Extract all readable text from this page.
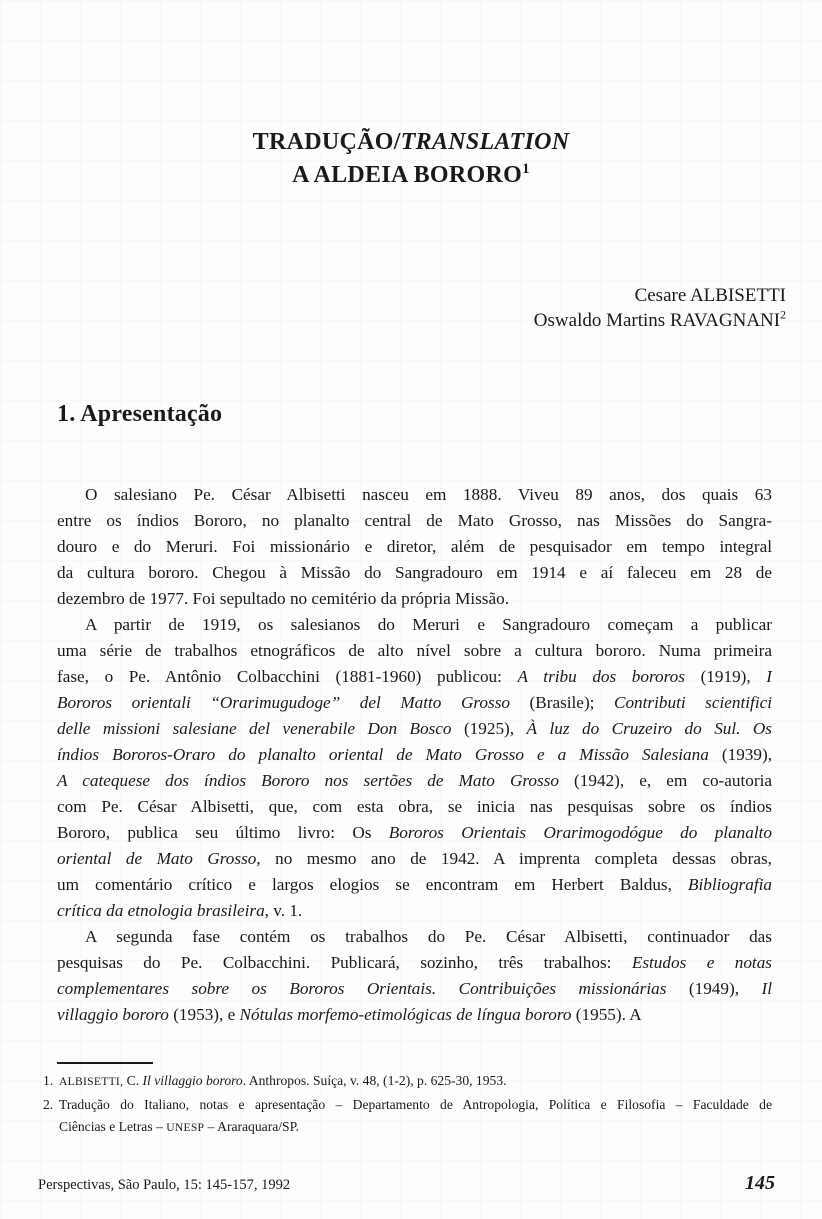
TRADUÇÃO/TRANSLATION
A ALDEIA BORORO$^1$
Cesare ALBISETTI
Oswaldo Martins RAVAGNANI$^2$
1. Apresentação
O salesiano Pe. César Albisetti nasceu em 1888. Viveu 89 anos, dos quais 63
entre os índios Bororo, no planalto central de Mato Grosso, nas Missões do Sangra-
douro e do Meruri. Foi missionário e diretor, além de pesquisador em tempo integral
da cultura bororo. Chegou à Missão do Sangradouro em 1914 e aí faleceu em 28 de
dezembro de 1977. Foi sepultado no cemitério da própria Missão.
A partir de 1919, os salesianos do Meruri e Sangradouro começam a publicar
uma série de trabalhos etnográficos de alto nível sobre a cultura bororo. Numa primeira
fase, o Pe. Antônio Colbacchini (1881-1960) publicou: A tribu dos bororos (1919), I
Bororos orientali “Orarimugudoge” del Matto Grosso (Brasile); Contributi scientifici
delle missioni salesiane del venerabile Don Bosco (1925), À luz do Cruzeiro do Sul. Os
índios Bororos-Oraro do planalto oriental de Mato Grosso e a Missão Salesiana (1939),
A catequese dos índios Bororo nos sertões de Mato Grosso (1942), e, em co-autoria
com Pe. César Albisetti, que, com esta obra, se inicia nas pesquisas sobre os índios
Bororo, publica seu último livro: Os Bororos Orientais Orarimogodógue do planalto
oriental de Mato Grosso, no mesmo ano de 1942. A imprenta completa dessas obras,
um comentário crítico e largos elogios se encontram em Herbert Baldus, Bibliografia
crítica da etnologia brasileira, v. 1.
A segunda fase contém os trabalhos do Pe. César Albisetti, continuador das
pesquisas do Pe. Colbacchini. Publicará, sozinho, três trabalhos: Estudos e notas
complementares sobre os Bororos Orientais. Contribuições missionárias (1949), Il
villaggio bororo (1953), e Nótulas morfemo-etimológicas de língua bororo (1955). A
1. ALBISETTI, C. Il villaggio bororo. Anthropos. Suíça, v. 48, (1-2), p. 625-30, 1953.
2. Tradução do Italiano, notas e apresentação – Departamento de Antropologia, Política e Filosofia – Faculdade de
Ciências e Letras – UNESP – Araraquara/SP.
Perspectivas, São Paulo, 15: 145-157, 1992	145
